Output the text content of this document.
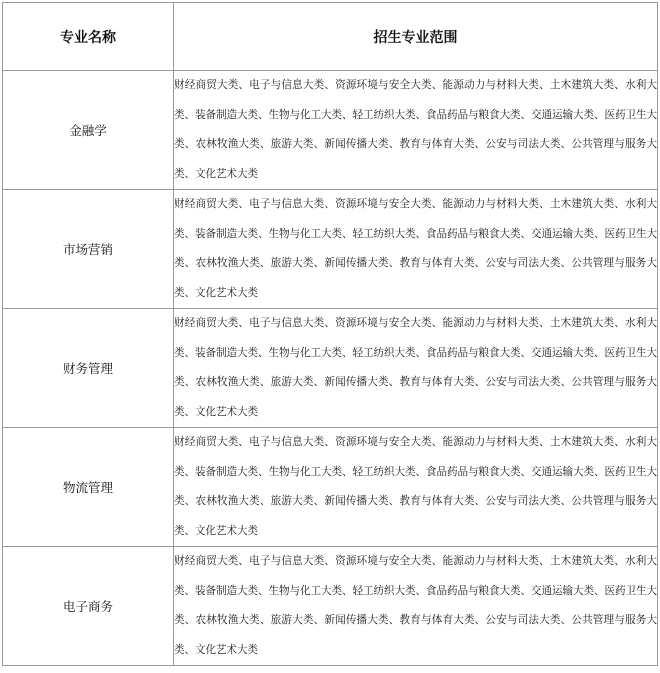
专业名称	招生专业范围
金融学	财经商贸大类、电子与信息大类、资源环境与安全大类、能源动力与材料大类、土木建筑大类、水利大类、装备制造大类、生物与化工大类、轻工纺织大类、食品药品与粮食大类、交通运输大类、医药卫生大类、农林牧渔大类、旅游大类、新闻传播大类、教育与体育大类、公安与司法大类、公共管理与服务大类、文化艺术大类

市场营销	财经商贸大类、电子与信息大类、资源环境与安全大类、能源动力与材料大类、土木建筑大类、水利大类、装备制造大类、生物与化工大类、轻工纺织大类、食品药品与粮食大类、交通运输大类、医药卫生大类、农林牧渔大类、旅游大类、新闻传播大类、教育与体育大类、公安与司法大类、公共管理与服务大类、文化艺术大类

财务管理	财经商贸大类、电子与信息大类、资源环境与安全大类、能源动力与材料大类、土木建筑大类、水利大类、装备制造大类、生物与化工大类、轻工纺织大类、食品药品与粮食大类、交通运输大类、医药卫生大类、农林牧渔大类、旅游大类、新闻传播大类、教育与体育大类、公安与司法大类、公共管理与服务大类、文化艺术大类

物流管理	财经商贸大类、电子与信息大类、资源环境与安全大类、能源动力与材料大类、土木建筑大类、水利大类、装备制造大类、生物与化工大类、轻工纺织大类、食品药品与粮食大类、交通运输大类、医药卫生大类、农林牧渔大类、旅游大类、新闻传播大类、教育与体育大类、公安与司法大类、公共管理与服务大类、文化艺术大类

电子商务	财经商贸大类、电子与信息大类、资源环境与安全大类、能源动力与材料大类、土木建筑大类、水利大类、装备制造大类、生物与化工大类、轻工纺织大类、食品药品与粮食大类、交通运输大类、医药卫生大类、农林牧渔大类、旅游大类、新闻传播大类、教育与体育大类、公安与司法大类、公共管理与服务大类、文化艺术大类
